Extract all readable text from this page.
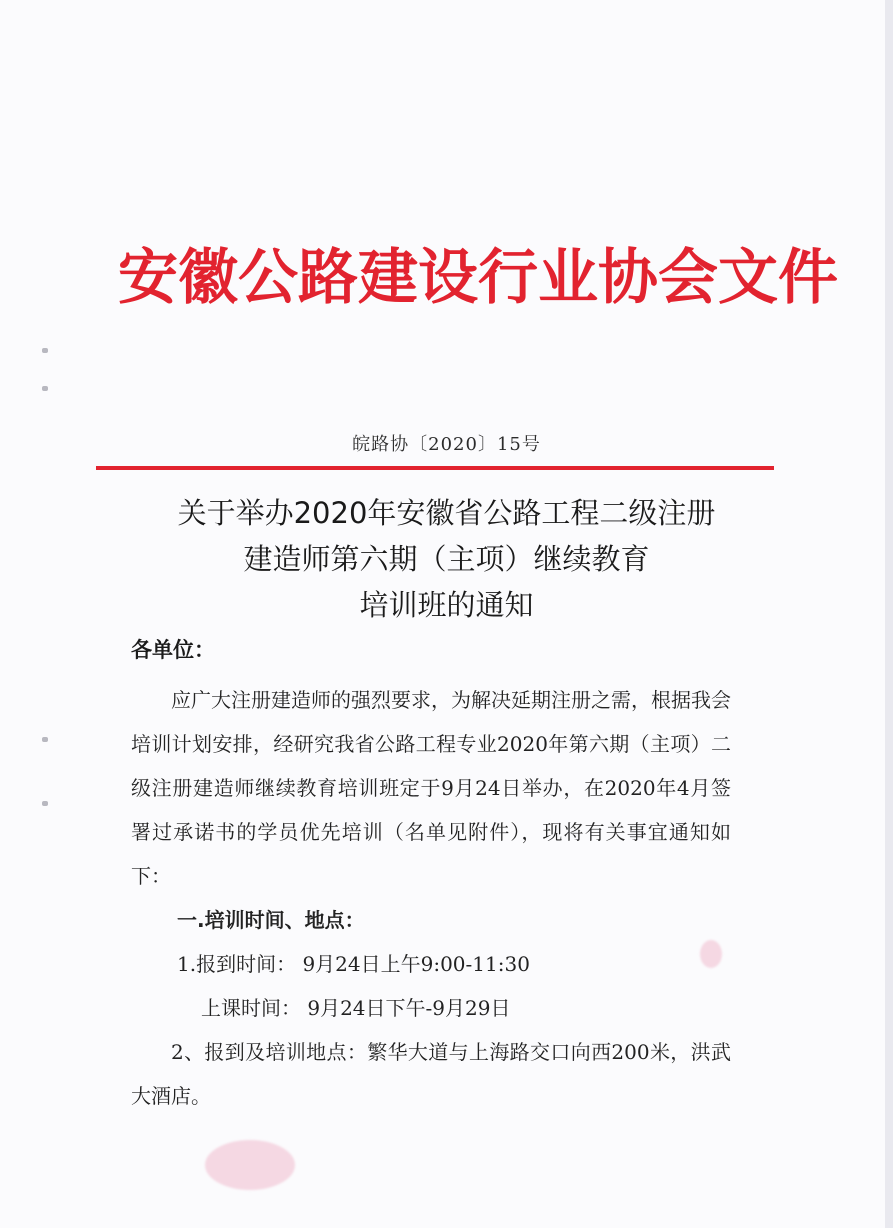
安徽公路建设行业协会文件
皖路协〔2020〕15号
关于举办2020年安徽省公路工程二级注册
建造师第六期（主项）继续教育
培训班的通知
各单位：

应广大注册建造师的强烈要求，为解决延期注册之需，根据我会培训计划安排，经研究我省公路工程专业2020年第六期（主项）二级注册建造师继续教育培训班定于9月24日举办，在2020年4月签署过承诺书的学员优先培训（名单见附件），现将有关事宜通知如下：

一.培训时间、地点：

1.报到时间： 9月24日上午9:00-11:30

上课时间： 9月24日下午-9月29日

2、报到及培训地点：繁华大道与上海路交口向西200米，洪武大酒店。
